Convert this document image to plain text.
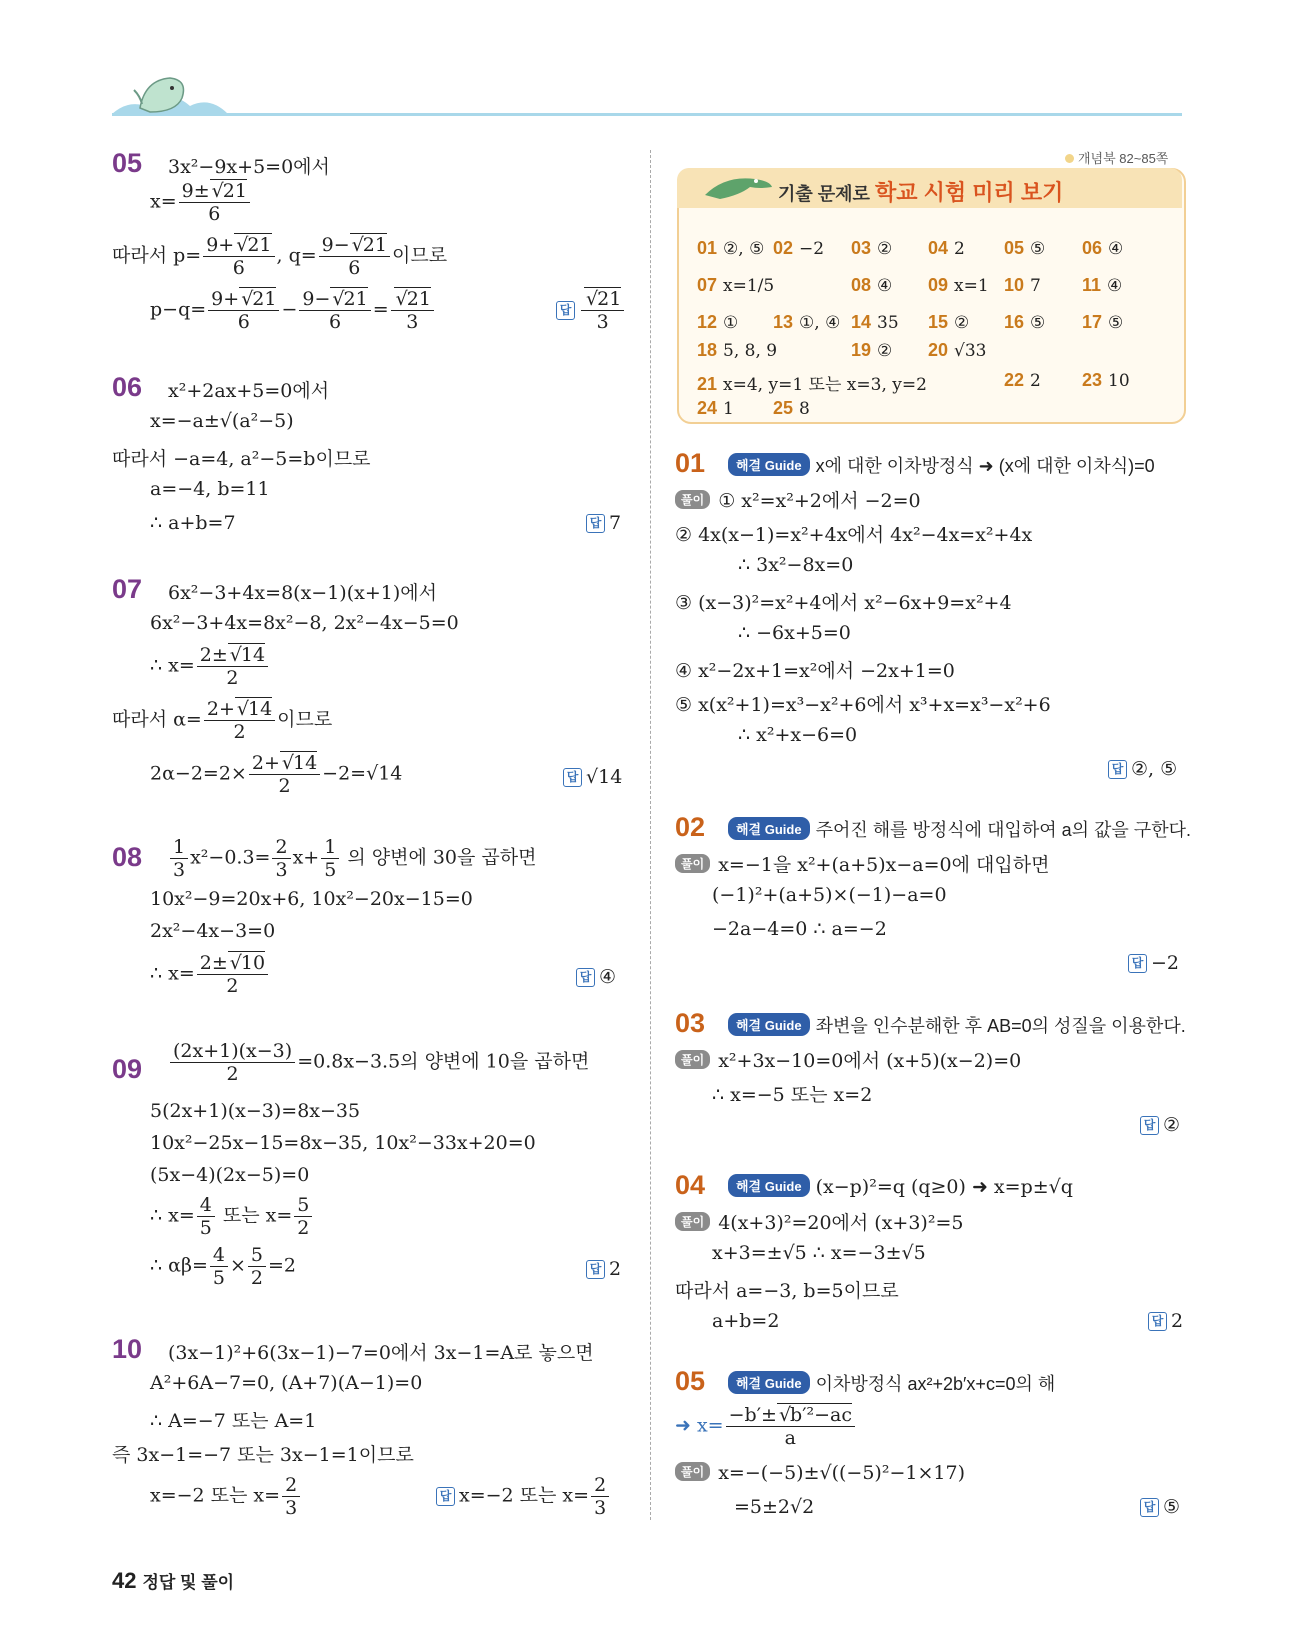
개념북 82~85쪽
기출 문제로 학교 시험 미리 보기
01 ②, ⑤ 02 −2 03 ② 04 2 05 ⑤ 06 ④
07 x=1/5	08 ④ 09 x=1 10 7 11 ④
12 ① 13 ①, ④ 14 35 15 ② 16 ⑤ 17 ⑤
18 5, 8, 9	19 ② 20 √33
21 x=4, y=1 또는 x=3, y=2	22 2 23 10
24 1 25 8
05 3x²−9x+5=0에서
$x= \frac{9\pm √ 21}{6}$
따라서 $p= \frac{9+ √ 21}{6}$ , $q= \frac{9- √ 21}{6}$ 이므로
$p-q= \frac{9+ √ 21}{6} - \frac{9- √ 21}{6}$ = √ $\frac{21}{3}$	답 √ $\frac{21}{3}$
06 x²+2ax+5=0에서
x=−a±√(a²−5)
따라서 −a=4, a²−5=b이므로
a=−4, b=11
∴ a+b=7	답 7
07 6x²−3+4x=8(x−1)(x+1)에서
6x²−3+4x=8x²−8, 2x²−4x−5=0
∴ $x= \frac{2\pm √ 14}{2}$
따라서 $\alpha= \frac{2+ √ 14}{2}$ 이므로
$2\alpha-2=2\times \frac{2+ √ 14}{2} -2=√14$	답 √14
$08 \frac{1}{3} x^2-0.3= \frac{2}{3} x+ \frac{1}{5}$ 의 양변에 30을 곱하면
10x²−9=20x+6, 10x²−20x−15=0
2x²−4x−3=0
∴ $x= \frac{2\pm √ 10}{2}$	답 ④
$09 \frac{(2x+1)(x-3)}{2} =0.8x-3.5$의 양변에 10을 곱하면
5(2x+1)(x−3)=8x−35
10x²−25x−15=8x−35, 10x²−33x+20=0
(5x−4)(2x−5)=0
∴ $x= \frac{4}{5}$ 또는 $x= \frac{5}{2}$
∴ $\alpha\beta= \frac{4}{5} \times \frac{5}{2} =2$	답 2
10 (3x−1)²+6(3x−1)−7=0에서 3x−1=A로 놓으면
A²+6A−7=0, (A+7)(A−1)=0
∴ A=−7 또는 A=1
즉 3x−1=−7 또는 3x−1=1이므로
x=−2 또는 $x= \frac{2}{3}$	답 x=−2 또는 $x= \frac{2}{3}$
01	해결 Guide x에 대한 이차방정식 ➜ (x에 대한 이차식)=0
풀이 ① x²=x²+2에서 −2=0
② 4x(x−1)=x²+4x에서 4x²−4x=x²+4x
∴ 3x²−8x=0
③ (x−3)²=x²+4에서 x²−6x+9=x²+4
∴ −6x+5=0
④ x²−2x+1=x²에서 −2x+1=0
⑤ x(x²+1)=x³−x²+6에서 x³+x=x³−x²+6
∴ x²+x−6=0
답 ②, ⑤
02	해결 Guide 주어진 해를 방정식에 대입하여 a의 값을 구한다.
풀이 x=−1을 x²+(a+5)x−a=0에 대입하면
(−1)²+(a+5)×(−1)−a=0
−2a−4=0 ∴ a=−2
답 −2
03	해결 Guide 좌변을 인수분해한 후 AB=0의 성질을 이용한다.
풀이 x²+3x−10=0에서 (x+5)(x−2)=0
∴ x=−5 또는 x=2
답 ②
04	해결 Guide (x−p)²=q (q≥0) ➜ x=p±√q
풀이 4(x+3)²=20에서 (x+3)²=5
x+3=±√5 ∴ x=−3±√5
따라서 a=−3, b=5이므로
a+b=2	답 2
05	해결 Guide 이차방정식 ax²+2b′x+c=0의 해
➜ $x= \frac{\text{−b′± √ b′²−ac}}{a}$
풀이 x=−(−5)±√((−5)²−1×17)
=5±2√2	답 ⑤
42 정답 및 풀이
